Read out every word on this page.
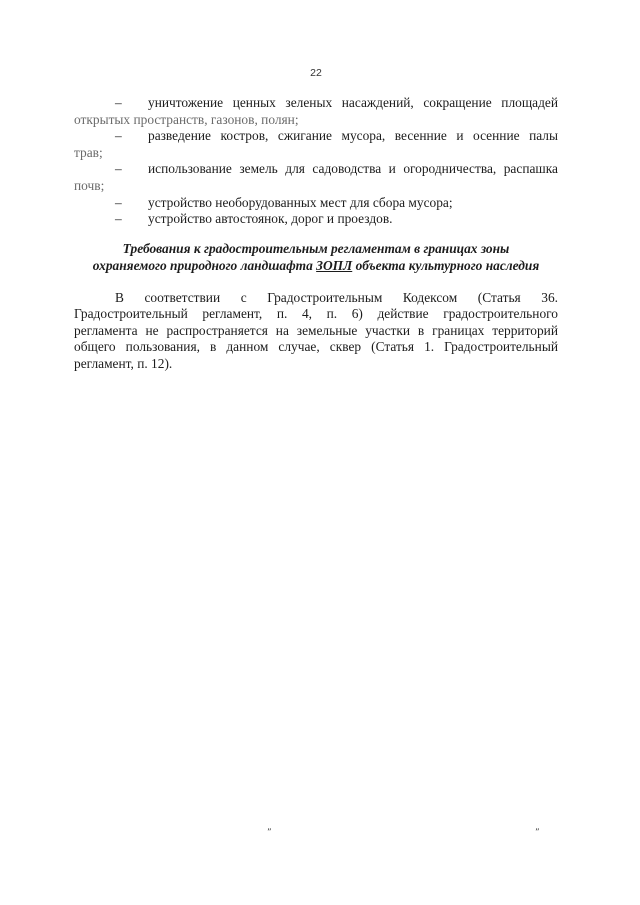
22
–	уничтожение ценных зеленых насаждений, сокращение площадей
открытых пространств, газонов, полян;
–	разведение костров, сжигание мусора, весенние и осенние палы
трав;
–	использование земель для садоводства и огородничества, распашка
почв;
–	устройство необорудованных мест для сбора мусора;
–	устройство автостоянок, дорог и проездов.
Требования к градостроительным регламентам в границах зоны
охраняемого природного ландшафта ЗОПЛ объекта культурного наследия
В соответствии с Градостроительным Кодексом (Статья 36.
Градостроительный регламент, п. 4, п. 6) действие градостроительного
регламента не распространяется на земельные участки в границах территорий
общего пользования, в данном случае, сквер (Статья 1. Градостроительный
регламент, п. 12).
ˮ	ˮ
